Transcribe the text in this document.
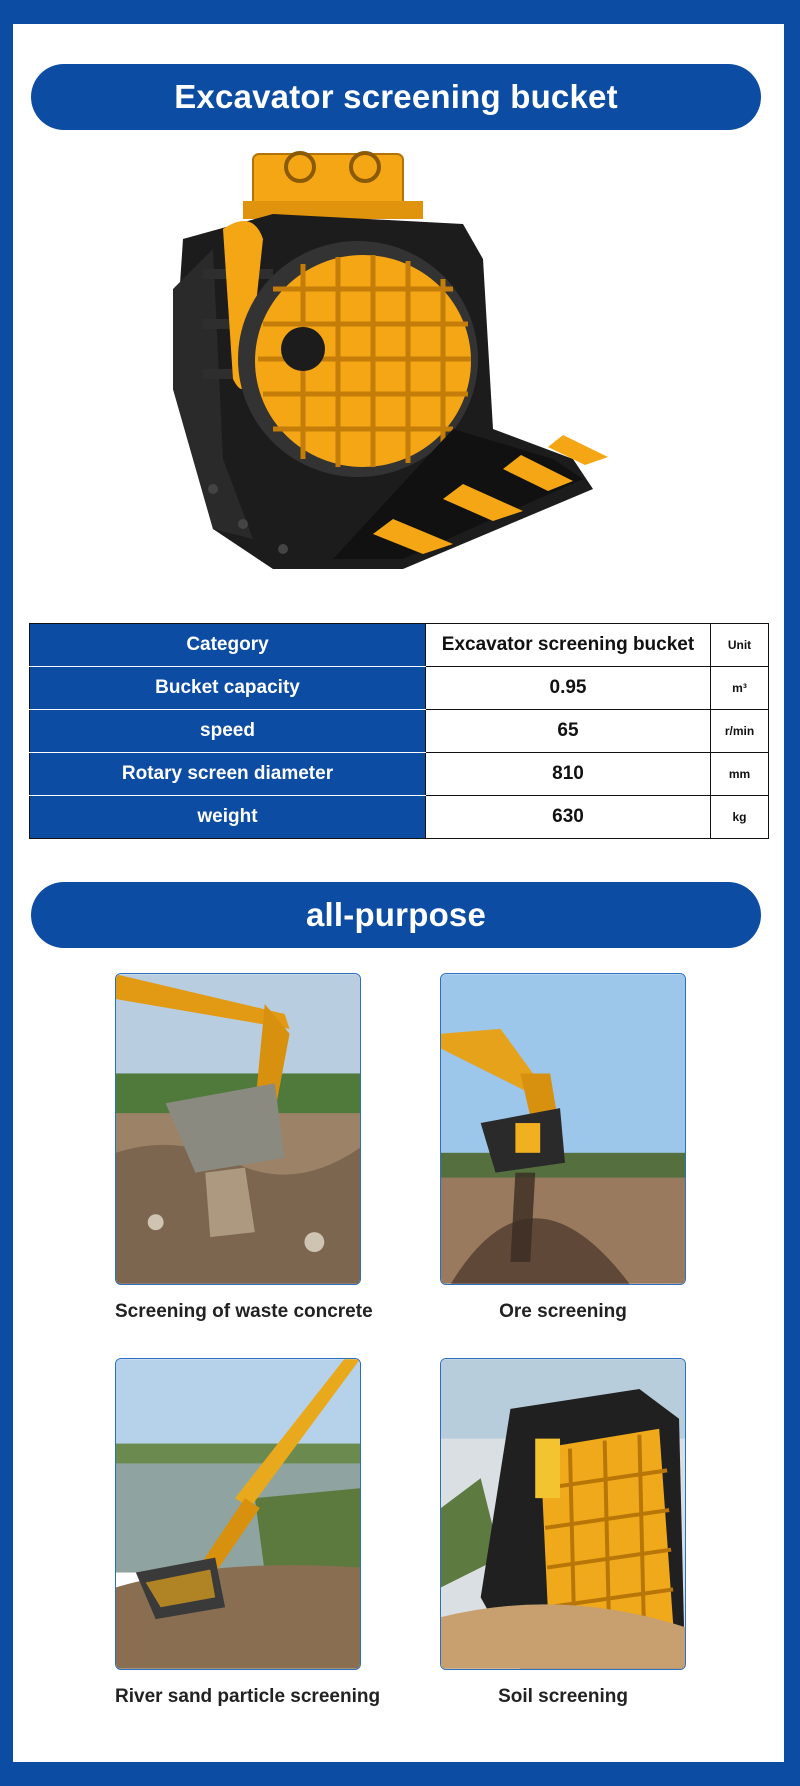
Excavator screening bucket
Category	Excavator screening bucket	Unit
Bucket capacity	0.95	m³
speed	65	r/min
Rotary screen diameter	810	mm
weight	630	kg
all-purpose
Screening of waste concrete	Ore screening
River sand particle screening	Soil screening
